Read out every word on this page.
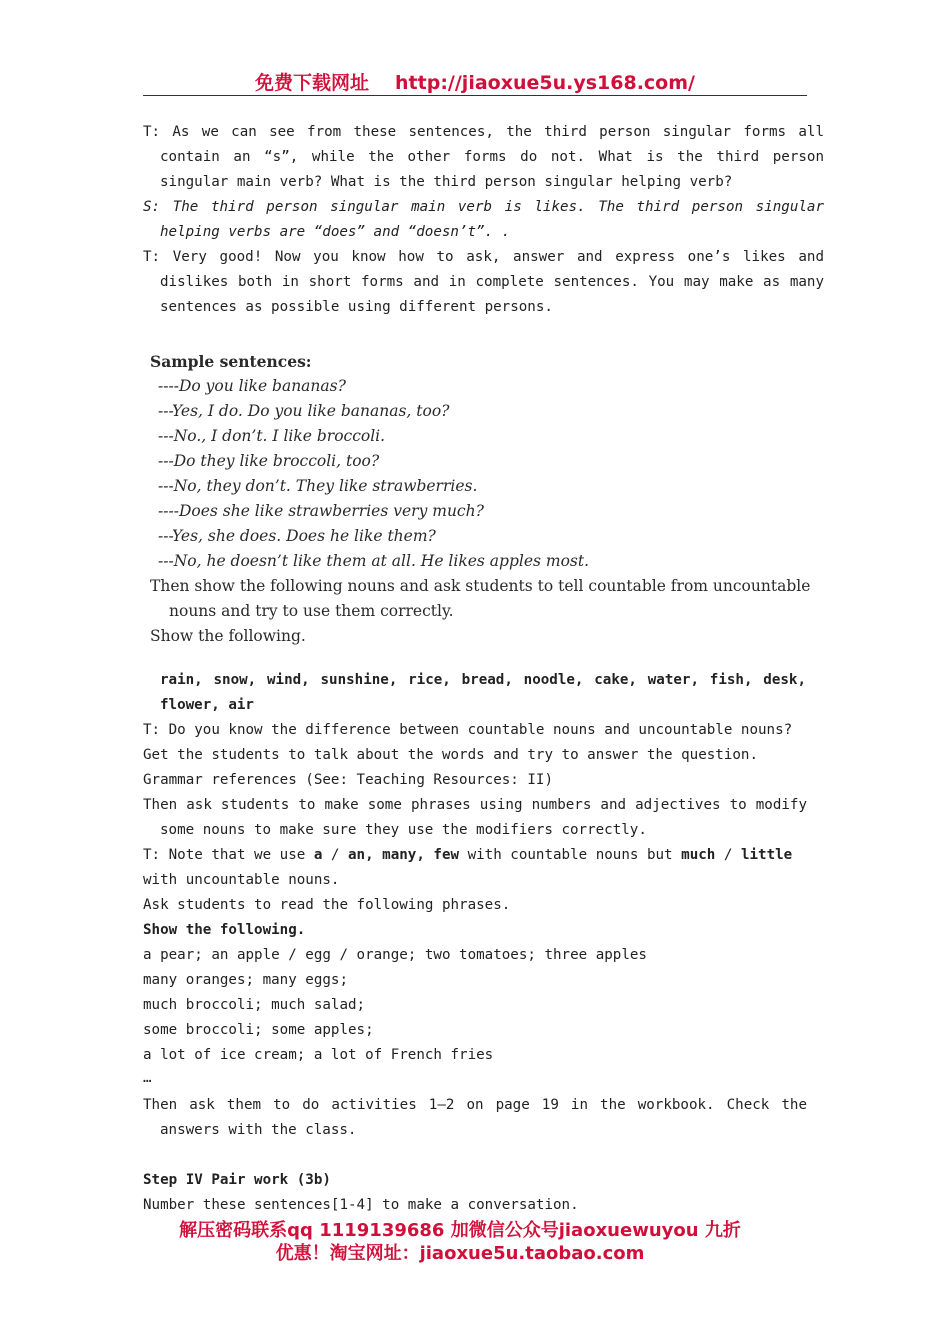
免费下载网址 http://jiaoxue5u.ys168.com/
T: As we can see from these sentences, the third person singular forms all contain an “s”, while the other forms do not. What is the third person singular main verb? What is the third person singular helping verb?
S: The third person singular main verb is likes. The third person singular helping verbs are “does” and “doesn’t”. .
T: Very good! Now you know how to ask, answer and express one’s likes and dislikes both in short forms and in complete sentences. You may make as many sentences as possible using different persons.
Sample sentences:
----Do you like bananas?
---Yes, I do. Do you like bananas, too?
---No., I don’t. I like broccoli.
---Do they like broccoli, too?
---No, they don’t. They like strawberries.
----Does she like strawberries very much?
---Yes, she does. Does he like them?
---No, he doesn’t like them at all. He likes apples most.
Then show the following nouns and ask students to tell countable from uncountable nouns and try to use them correctly.
Show the following.
rain, snow, wind, sunshine, rice, bread, noodle, cake, water, fish, desk, flower, air
T: Do you know the difference between countable nouns and uncountable nouns?
Get the students to talk about the words and try to answer the question.
Grammar references (See: Teaching Resources: II)
Then ask students to make some phrases using numbers and adjectives to modify some nouns to make sure they use the modifiers correctly.
T: Note that we use a / an, many, few with countable nouns but much / little
with uncountable nouns.
Ask students to read the following phrases.
Show the following.
a pear; an apple / egg / orange; two tomatoes; three apples
many oranges; many eggs;
much broccoli; much salad;
some broccoli; some apples;
a lot of ice cream; a lot of French fries
…
Then ask them to do activities 1—2 on page 19 in the workbook. Check the answers with the class.
Step IV Pair work (3b)
Number these sentences[1-4] to make a conversation.
解压密码联系qq 1119139686 加微信公众号jiaoxuewuyou 九折
优惠！淘宝网址：jiaoxue5u.taobao.com
